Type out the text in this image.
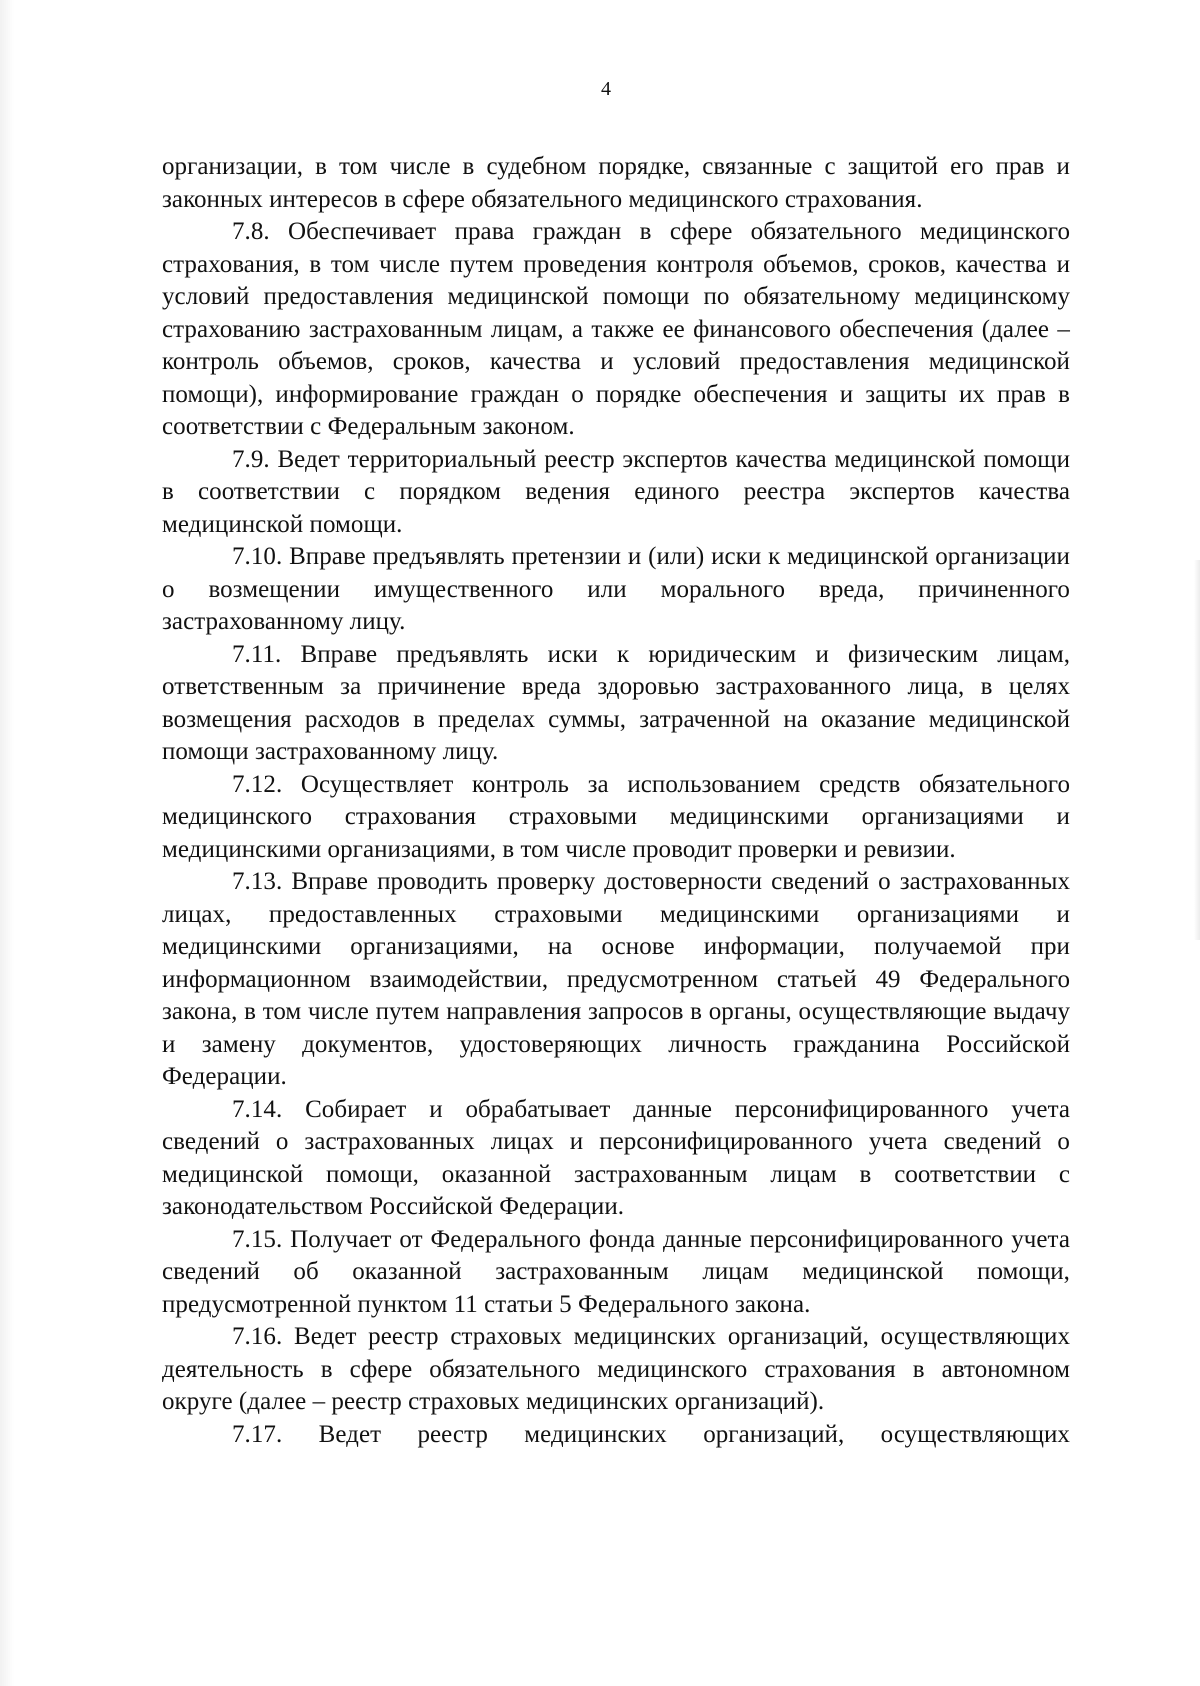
4

организации, в том числе в судебном порядке, связанные с защитой его прав и законных интересов в сфере обязательного медицинского страхования.

7.8. Обеспечивает права граждан в сфере обязательного медицинского страхования, в том числе путем проведения контроля объемов, сроков, качества и условий предоставления медицинской помощи по обязательному медицинскому страхованию застрахованным лицам, а также ее финансового обеспечения (далее – контроль объемов, сроков, качества и условий предоставления медицинской помощи), информирование граждан о порядке обеспечения и защиты их прав в соответствии с Федеральным законом.

7.9. Ведет территориальный реестр экспертов качества медицинской помощи в соответствии с порядком ведения единого реестра экспертов качества медицинской помощи.

7.10. Вправе предъявлять претензии и (или) иски к медицинской организации о возмещении имущественного или морального вреда, причиненного застрахованному лицу.

7.11. Вправе предъявлять иски к юридическим и физическим лицам, ответственным за причинение вреда здоровью застрахованного лица, в целях возмещения расходов в пределах суммы, затраченной на оказание медицинской помощи застрахованному лицу.

7.12. Осуществляет контроль за использованием средств обязательного медицинского страхования страховыми медицинскими организациями и медицинскими организациями, в том числе проводит проверки и ревизии.

7.13. Вправе проводить проверку достоверности сведений о застрахованных лицах, предоставленных страховыми медицинскими организациями и медицинскими организациями, на основе информации, получаемой при информационном взаимодействии, предусмотренном статьей 49 Федерального закона, в том числе путем направления запросов в органы, осуществляющие выдачу и замену документов, удостоверяющих личность гражданина Российской Федерации.

7.14. Собирает и обрабатывает данные персонифицированного учета сведений о застрахованных лицах и персонифицированного учета сведений о медицинской помощи, оказанной застрахованным лицам в соответствии с законодательством Российской Федерации.

7.15. Получает от Федерального фонда данные персонифицированного учета сведений об оказанной застрахованным лицам медицинской помощи, предусмотренной пунктом 11 статьи 5 Федерального закона.

7.16. Ведет реестр страховых медицинских организаций, осуществляющих деятельность в сфере обязательного медицинского страхования в автономном округе (далее – реестр страховых медицинских организаций).

7.17. Ведет реестр медицинских организаций, осуществляющих
